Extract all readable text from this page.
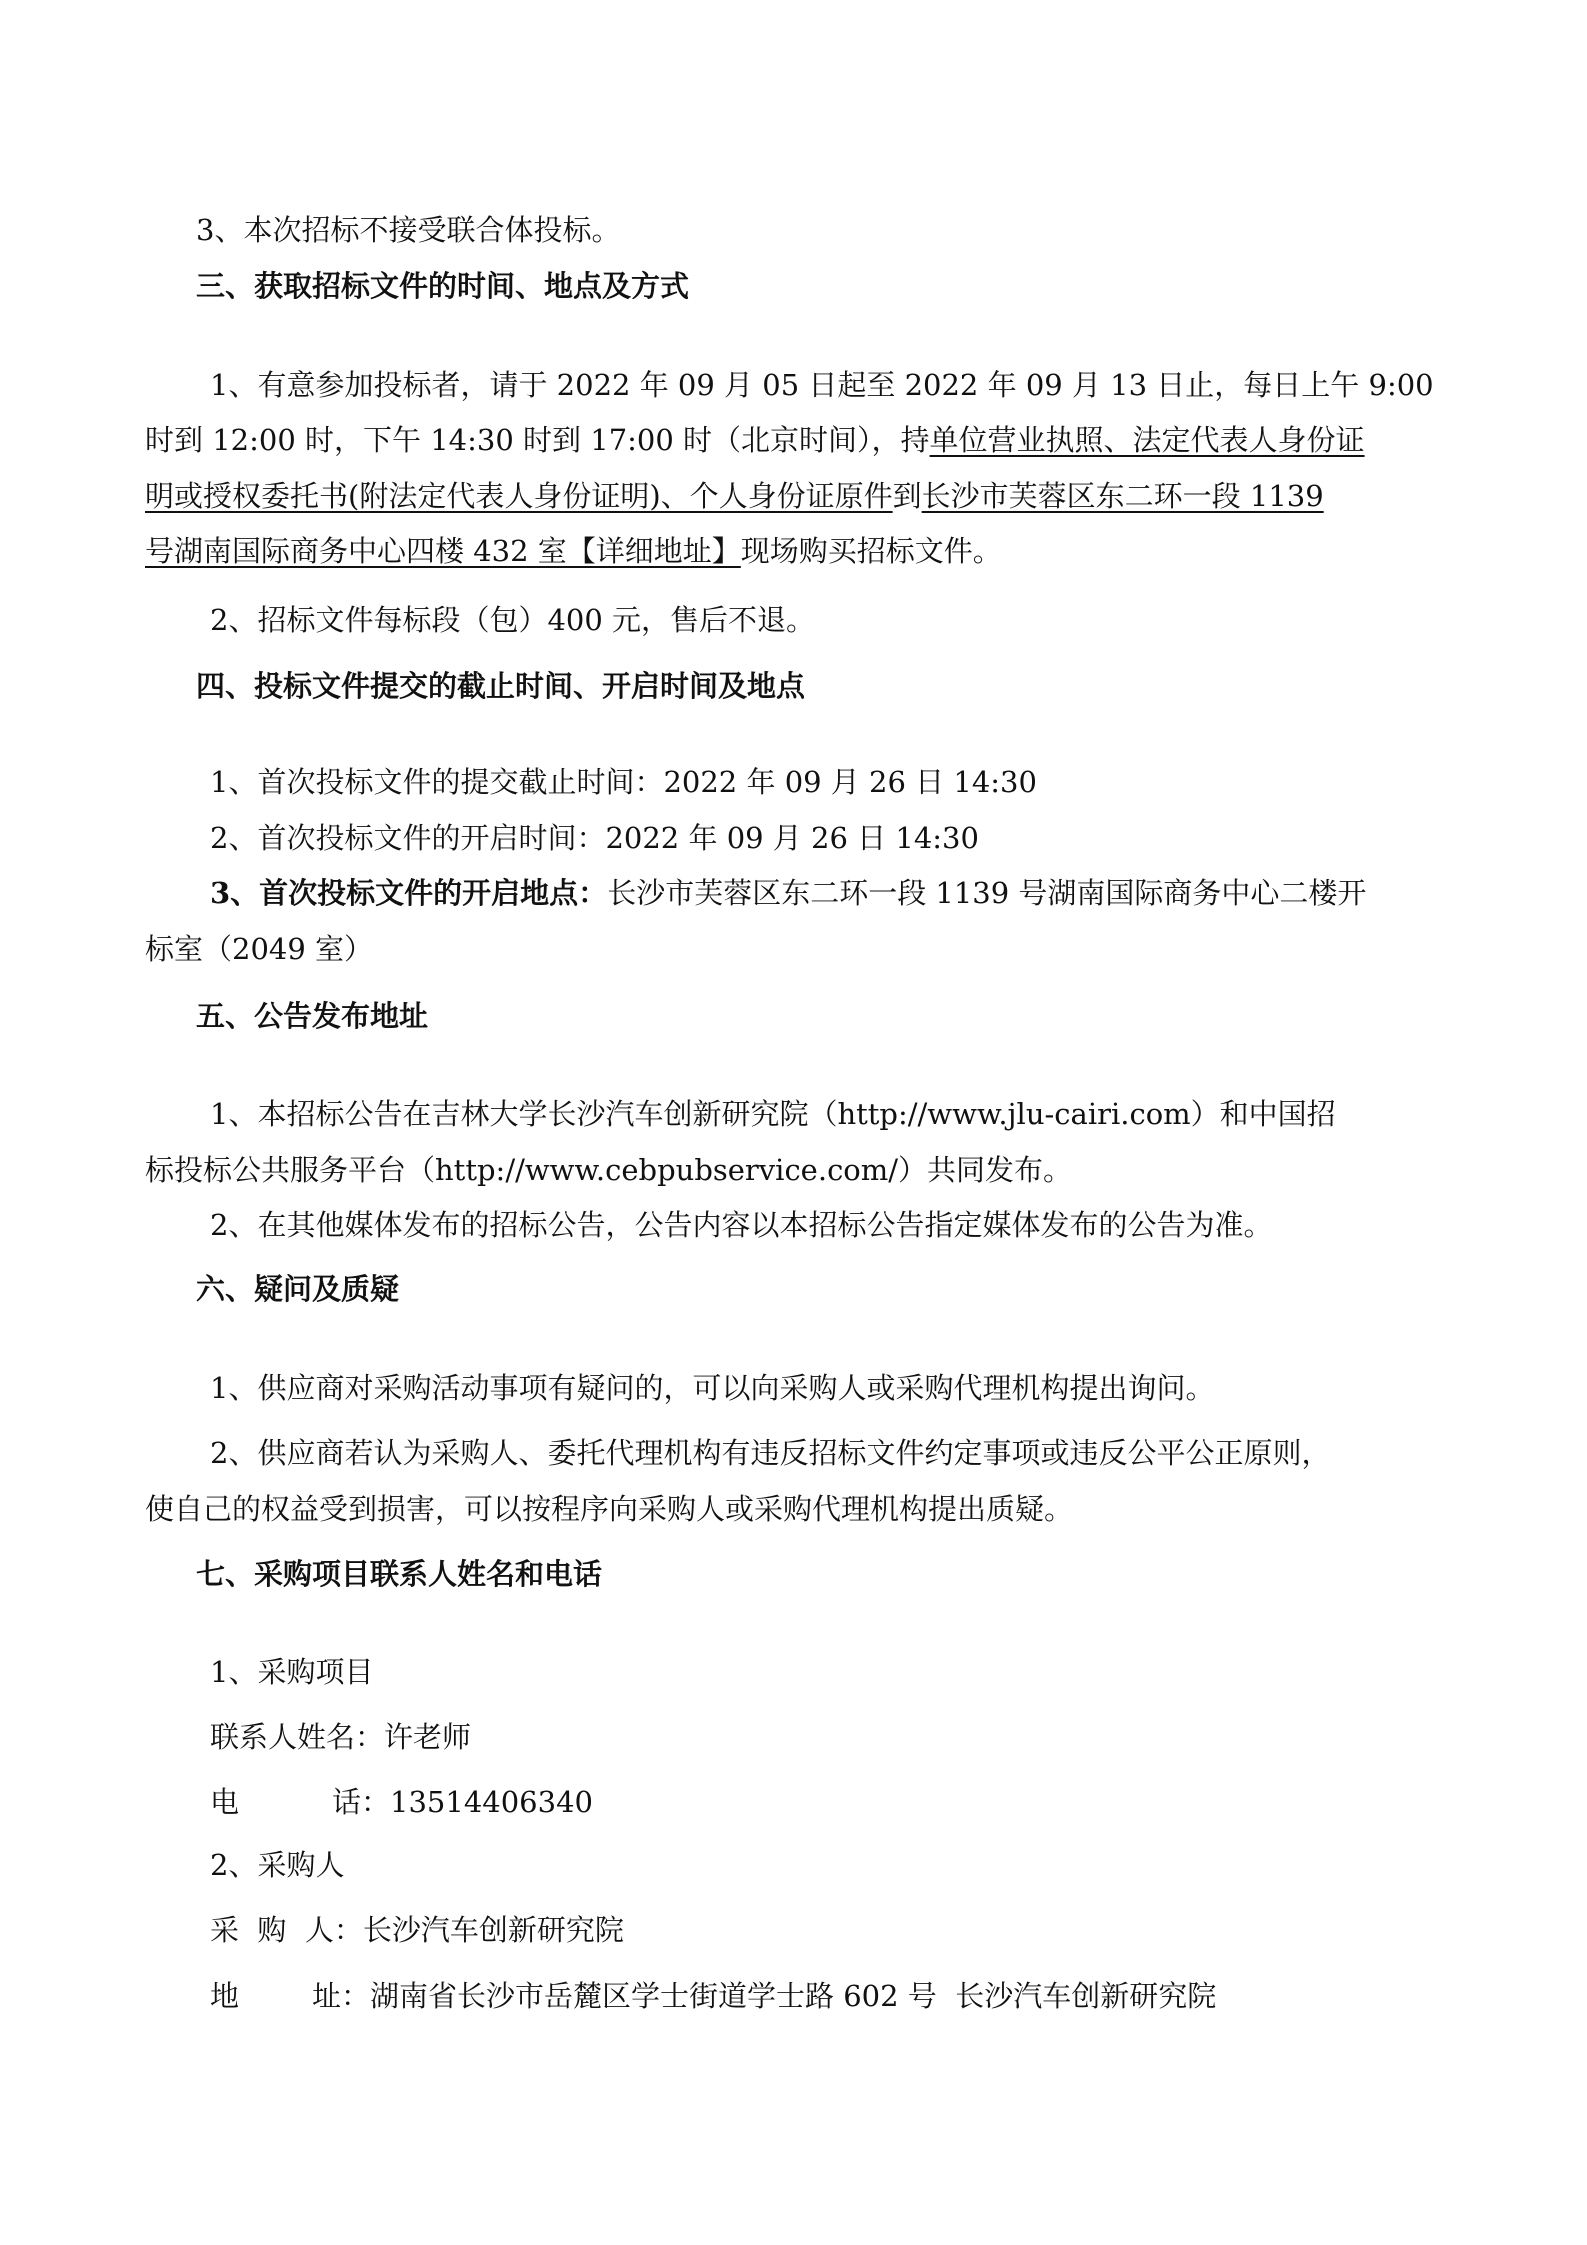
3、本次招标不接受联合体投标。

三、获取招标文件的时间、地点及方式

1、有意参加投标者，请于 2022 年 09 月 05 日起至 2022 年 09 月 13 日止，每日上午 9:00

时到 12:00 时，下午 14:30 时到 17:00 时（北京时间），持单位营业执照、法定代表人身份证

明或授权委托书(附法定代表人身份证明)、个人身份证原件到长沙市芙蓉区东二环一段 1139

号湖南国际商务中心四楼 432 室【详细地址】现场购买招标文件。

2、招标文件每标段（包）400 元，售后不退。

四、投标文件提交的截止时间、开启时间及地点

1、首次投标文件的提交截止时间：2022 年 09 月 26 日 14:30

2、首次投标文件的开启时间：2022 年 09 月 26 日 14:30

3、首次投标文件的开启地点：长沙市芙蓉区东二环一段 1139 号湖南国际商务中心二楼开

标室（2049 室）

五、公告发布地址

1、本招标公告在吉林大学长沙汽车创新研究院（http://www.jlu-cairi.com）和中国招

标投标公共服务平台（http://www.cebpubservice.com/）共同发布。

2、在其他媒体发布的招标公告，公告内容以本招标公告指定媒体发布的公告为准。

六、疑问及质疑

1、供应商对采购活动事项有疑问的，可以向采购人或采购代理机构提出询问。

2、供应商若认为采购人、委托代理机构有违反招标文件约定事项或违反公平公正原则，

使自己的权益受到损害，可以按程序向采购人或采购代理机构提出质疑。

七、采购项目联系人姓名和电话

1、采购项目

联系人姓名：许老师

电	话：13514406340

2、采购人

采  购  人：长沙汽车创新研究院

地	址：湖南省长沙市岳麓区学士街道学士路 602 号  长沙汽车创新研究院
